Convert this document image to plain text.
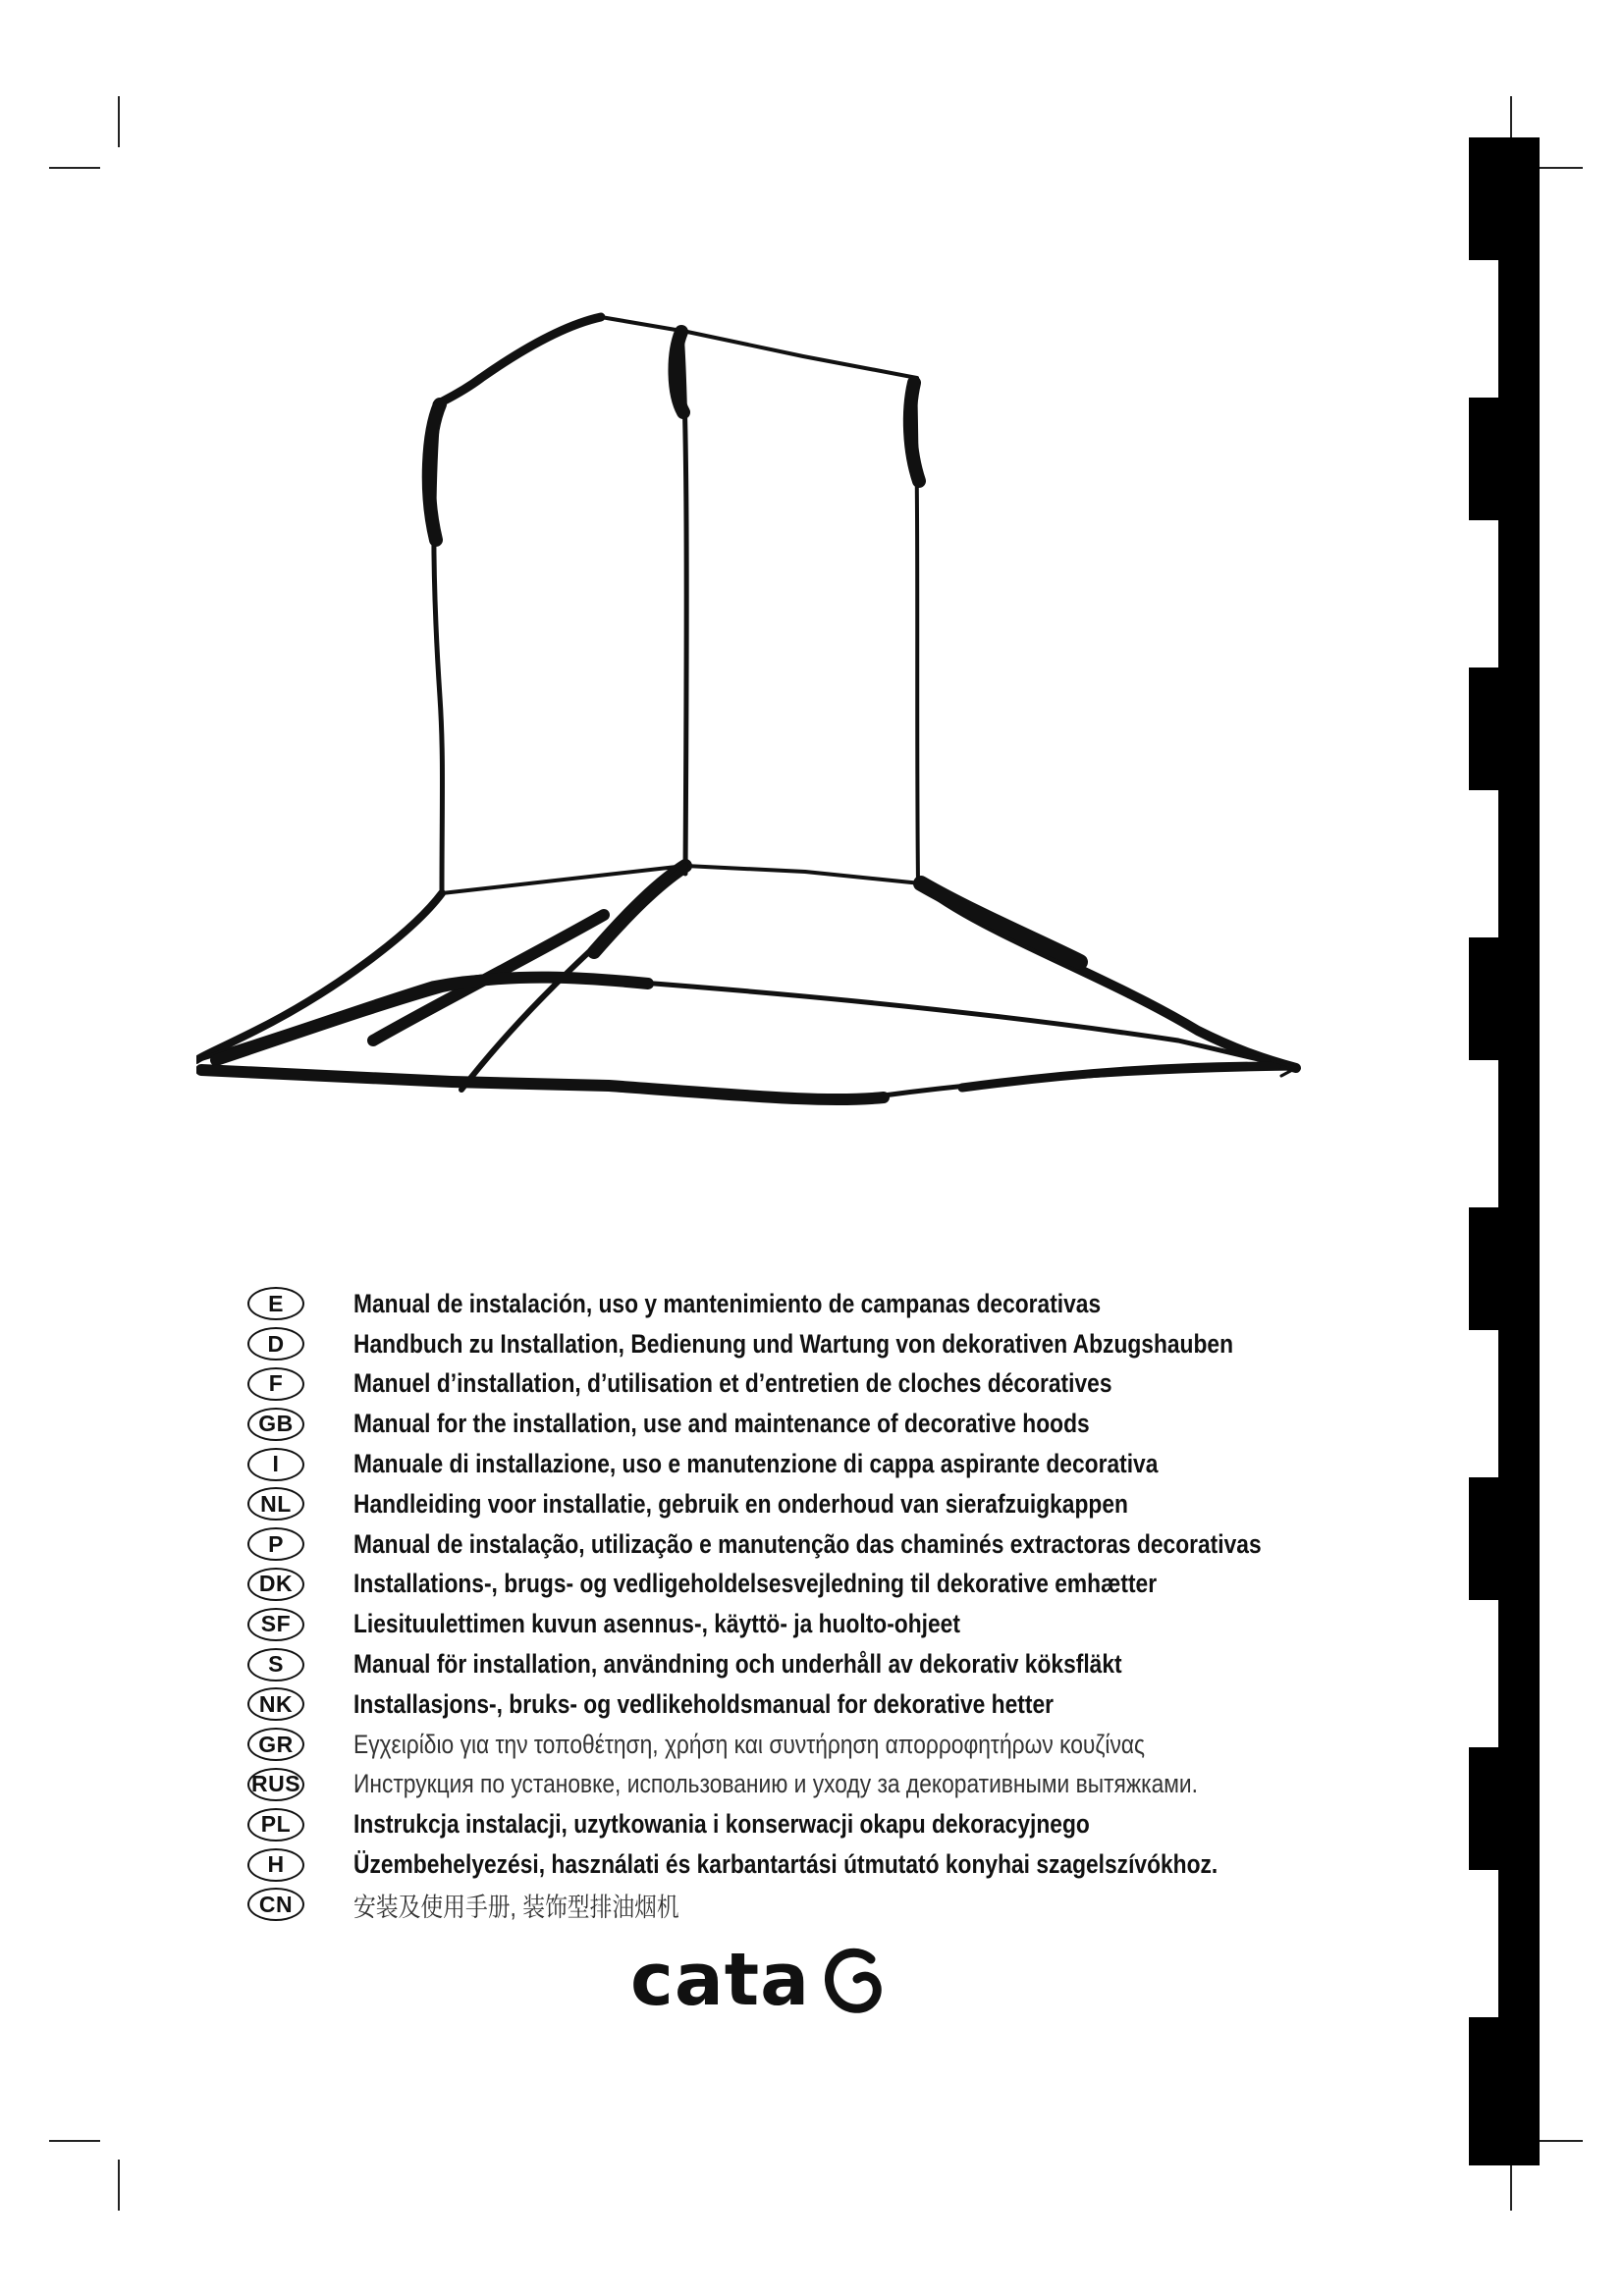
E	Manual de instalación, uso y mantenimiento de campanas decorativas
D	Handbuch zu Installation, Bedienung und Wartung von dekorativen Abzugshauben
F	Manuel d’installation, d’utilisation et d’entretien de cloches décoratives
GB	Manual for the installation, use and maintenance of decorative hoods
I	Manuale di installazione, uso e manutenzione di cappa aspirante decorativa
NL	Handleiding voor installatie, gebruik en onderhoud van sierafzuigkappen
P	Manual de instalação, utilização e manutenção das chaminés extractoras decorativas
DK	Installations-, brugs- og vedligeholdelsesvejledning til dekorative emhætter
SF	Liesituulettimen kuvun asennus-, käyttö- ja huolto-ohjeet
S	Manual för installation, användning och underhåll av dekorativ köksfläkt
NK	Installasjons-, bruks- og vedlikeholdsmanual for dekorative hetter
GR	Εγχειρίδιο για την τοποθέτηση, χρήση και συντήρηση απορροφητήρων κουζίνας
RUS Инструкция по установке, использованию и уходу за декоративными вытяжками.
PL	Instrukcja instalacji, uzytkowania i konserwacji okapu dekoracyjnego
H	Üzembehelyezési, használati és karbantartási útmutató konyhai szagelszívókhoz.
CN	安装及使用手册, 装饰型排油烟机
cata
